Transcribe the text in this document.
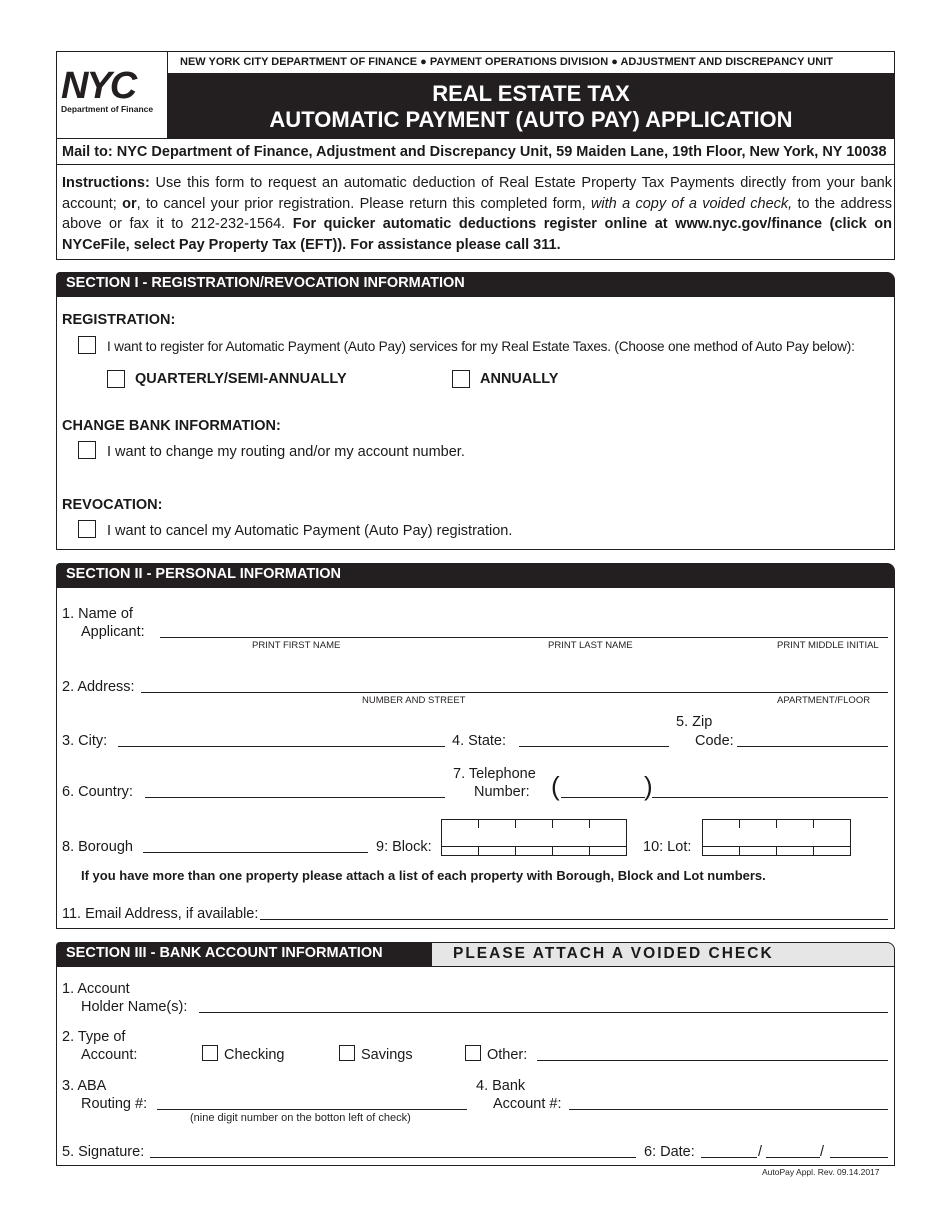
NYC
Department of Finance
NEW YORK CITY DEPARTMENT OF FINANCE ● PAYMENT OPERATIONS DIVISION ● ADJUSTMENT AND DISCREPANCY UNIT
REAL ESTATE TAX
AUTOMATIC PAYMENT (AUTO PAY) APPLICATION
Mail to: NYC Department of Finance, Adjustment and Discrepancy Unit, 59 Maiden Lane, 19th Floor, New York, NY 10038
Instructions: Use this form to request an automatic deduction of Real Estate Property Tax Payments directly from your bank account; or, to cancel your prior registration. Please return this completed form, with a copy of a voided check, to the address above or fax it to 212-232-1564. For quicker automatic deductions register online at www.nyc.gov/finance (click on NYCeFile, select Pay Property Tax (EFT)). For assistance please call 311.
SECTION I - REGISTRATION/REVOCATION INFORMATION
REGISTRATION:
I want to register for Automatic Payment (Auto Pay) services for my Real Estate Taxes. (Choose one method of Auto Pay below):
QUARTERLY/SEMI-ANNUALLY	ANNUALLY
CHANGE BANK INFORMATION:
I want to change my routing and/or my account number.
REVOCATION:
I want to cancel my Automatic Payment (Auto Pay) registration.
SECTION II - PERSONAL INFORMATION
1. Name of
Applicant:
PRINT FIRST NAME	PRINT LAST NAME	PRINT MIDDLE INITIAL
2. Address:
NUMBER AND STREET	APARTMENT/FLOOR
3. City:	4. State:
5. Zip
Code:
6. Country:
7. Telephone
Number: (	)
8. Borough	9: Block:	10: Lot:
If you have more than one property please attach a list of each property with Borough, Block and Lot numbers.
11. Email Address, if available:
SECTION III - BANK ACCOUNT INFORMATION	PLEASE ATTACH A VOIDED CHECK
1. Account
Holder Name(s):
2. Type of
Account:	Checking	Savings	Other:
3. ABA
Routing #:
(nine digit number on the botton left of check)
4. Bank
Account #:
5. Signature:	6: Date:	/	/
AutoPay Appl. Rev. 09.14.2017
